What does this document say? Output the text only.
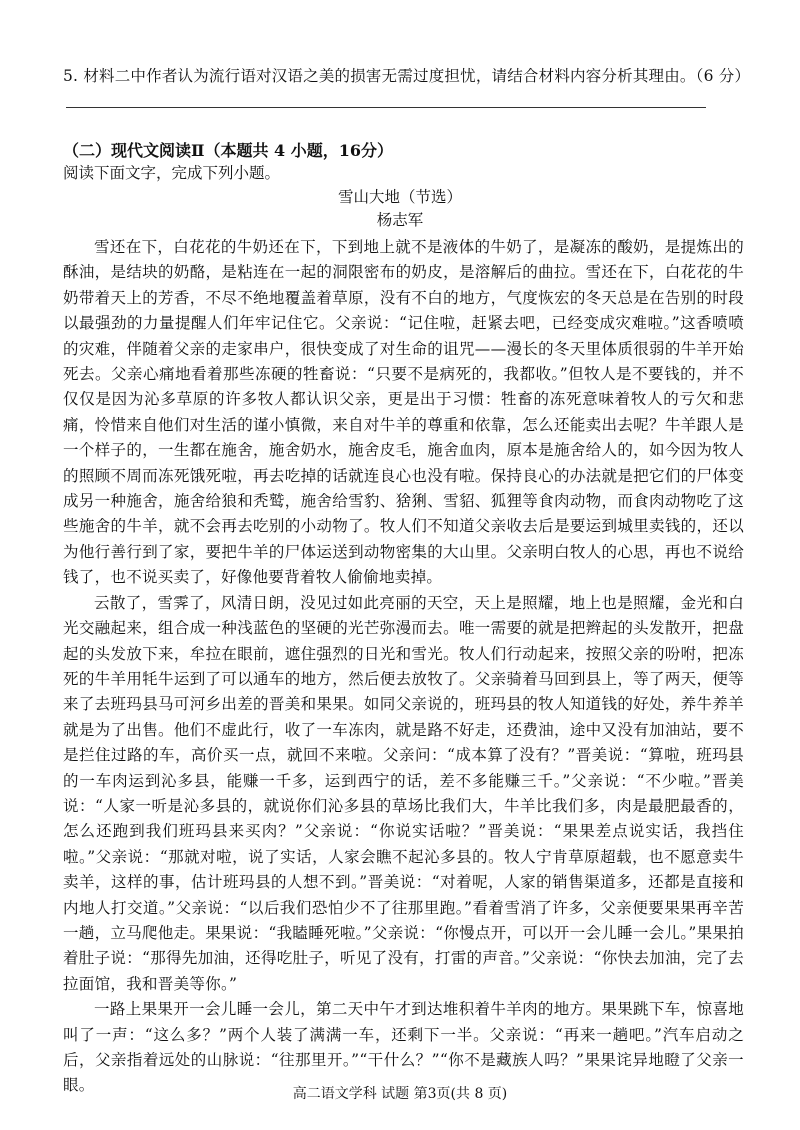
5. 材料二中作者认为流行语对汉语之美的损害无需过度担忧，请结合材料内容分析其理由。（6 分）
（二）现代文阅读Ⅱ（本题共 4 小题，16分）
阅读下面文字，完成下列小题。
雪山大地（节选）
杨志军

雪还在下，白花花的牛奶还在下，下到地上就不是液体的牛奶了，是凝冻的酸奶，是提炼出的酥油，是结块的奶酪，是粘连在一起的洞限密布的奶皮，是溶解后的曲拉。雪还在下，白花花的牛奶带着天上的芳香，不尽不绝地覆盖着草原，没有不白的地方，气度恢宏的冬天总是在告别的时段以最强劲的力量提醒人们年牢记住它。父亲说：“记住啦，赶紧去吧，已经变成灾难啦。”这香喷喷的灾难，伴随着父亲的走家串户，很快变成了对生命的诅咒——漫长的冬天里体质很弱的牛羊开始死去。父亲心痛地看着那些冻硬的牲畜说：“只要不是病死的，我都收。”但牧人是不要钱的，并不仅仅是因为沁多草原的许多牧人都认识父亲，更是出于习惯：牲畜的冻死意味着牧人的亏欠和悲痛，怜惜来自他们对生活的谨小慎微，来自对牛羊的尊重和依靠，怎么还能卖出去呢？牛羊跟人是一个样子的，一生都在施舍，施舍奶水，施舍皮毛，施舍血肉，原本是施舍给人的，如今因为牧人的照顾不周而冻死饿死啦，再去吃掉的话就连良心也没有啦。保持良心的办法就是把它们的尸体变成另一种施舍，施舍给狼和秃鹫，施舍给雪豹、猞猁、雪貂、狐狸等食肉动物，而食肉动物吃了这些施舍的牛羊，就不会再去吃别的小动物了。牧人们不知道父亲收去后是要运到城里卖钱的，还以为他行善行到了家，要把牛羊的尸体运送到动物密集的大山里。父亲明白牧人的心思，再也不说给钱了，也不说买卖了，好像他要背着牧人偷偷地卖掉。

云散了，雪霁了，风清日朗，没见过如此亮丽的天空，天上是照耀，地上也是照耀，金光和白光交融起来，组合成一种浅蓝色的坚硬的光芒弥漫而去。唯一需要的就是把辫起的头发散开，把盘起的头发放下来，牟拉在眼前，遮住强烈的日光和雪光。牧人们行动起来，按照父亲的吩咐，把冻死的牛羊用牦牛运到了可以通车的地方，然后便去放牧了。父亲骑着马回到县上，等了两天，便等来了去班玛县马可河乡出差的晋美和果果。如同父亲说的，班玛县的牧人知道钱的好处，养牛养羊就是为了出售。他们不虚此行，收了一车冻肉，就是路不好走，还费油，途中又没有加油站，要不是拦住过路的车，高价买一点，就回不来啦。父亲问：“成本算了没有？”晋美说：“算啦，班玛县的一车肉运到沁多县，能赚一千多，运到西宁的话，差不多能赚三千。”父亲说：“不少啦。”晋美说：“人家一听是沁多县的，就说你们沁多县的草场比我们大，牛羊比我们多，肉是最肥最香的，怎么还跑到我们班玛县来买肉？”父亲说：“你说实话啦？”晋美说：“果果差点说实话，我挡住啦。”父亲说：“那就对啦，说了实话，人家会瞧不起沁多县的。牧人宁肯草原超载，也不愿意卖牛卖羊，这样的事，估计班玛县的人想不到。”晋美说：“对着呢，人家的销售渠道多，还都是直接和内地人打交道。”父亲说：“以后我们恐怕少不了往那里跑。”看着雪消了许多，父亲便要果果再辛苦一趟，立马爬他走。果果说：“我瞌睡死啦。”父亲说：“你慢点开，可以开一会儿睡一会儿。”果果拍着肚子说：“那得先加油，还得吃肚子，听见了没有，打雷的声音。”父亲说：“你快去加油，完了去拉面馆，我和晋美等你。”

一路上果果开一会儿睡一会儿，第二天中午才到达堆积着牛羊肉的地方。果果跳下车，惊喜地叫了一声：“这么多？”两个人装了满满一车，还剩下一半。父亲说：“再来一趟吧。”汽车启动之后，父亲指着远处的山脉说：“往那里开。”“干什么？”“你不是藏族人吗？”果果诧异地瞪了父亲一眼。	高二语文学科 试题 第3页(共 8 页)
